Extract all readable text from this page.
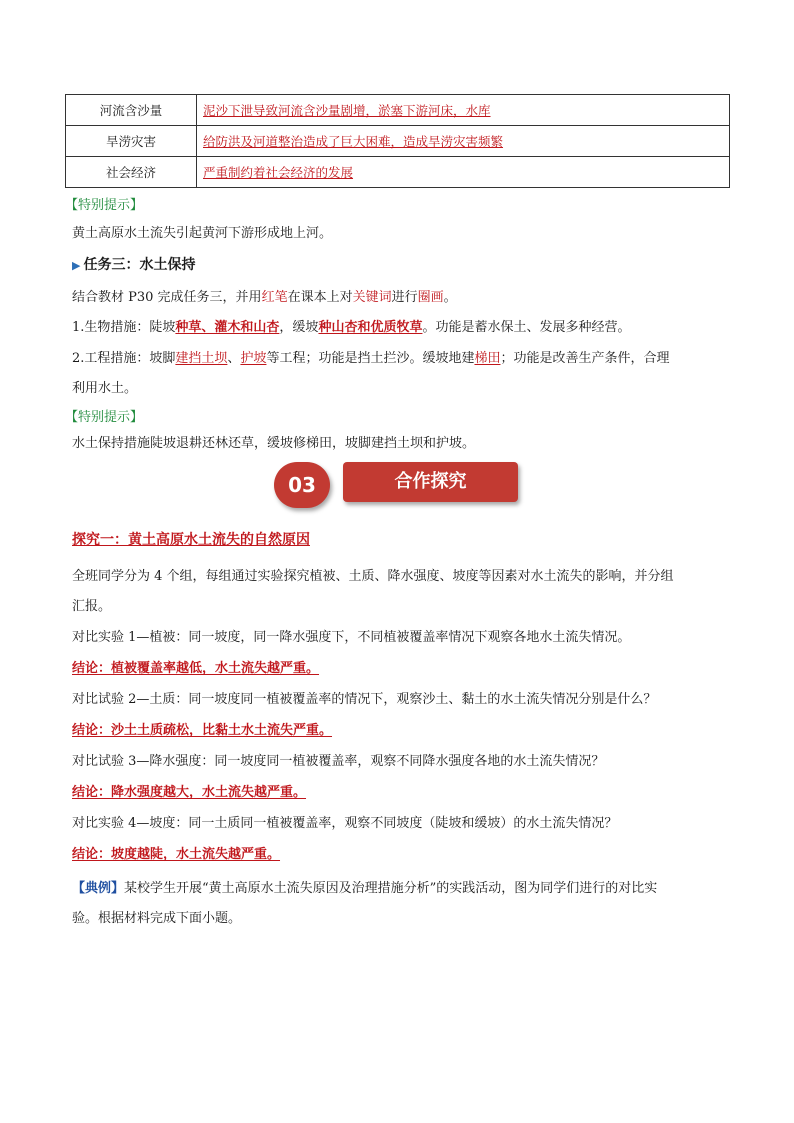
河流含沙量	泥沙下泄导致河流含沙量剧增，淤塞下游河床，水库
旱涝灾害	给防洪及河道整治造成了巨大困难，造成旱涝灾害频繁
社会经济	严重制约着社会经济的发展
【特别提示】
黄土高原水土流失引起黄河下游形成地上河。
▶ 任务三：水土保持
结合教材 P30 完成任务三，并用红笔在课本上对关键词进行圈画。
1.生物措施：陡坡种草、灌木和山杏，缓坡种山杏和优质牧草。功能是蓄水保土、发展多种经营。
2.工程措施：坡脚建挡土坝、护坡等工程；功能是挡土拦沙。缓坡地建梯田；功能是改善生产条件，合理
利用水土。
【特别提示】
水土保持措施陡坡退耕还林还草，缓坡修梯田，坡脚建挡土坝和护坡。
03	合作探究
探究一：黄土高原水土流失的自然原因
全班同学分为 4 个组，每组通过实验探究植被、土质、降水强度、坡度等因素对水土流失的影响，并分组
汇报。
对比实验 1—植被：同一坡度，同一降水强度下，不同植被覆盖率情况下观察各地水土流失情况。
结论：植被覆盖率越低，水土流失越严重。
对比试验 2—土质：同一坡度同一植被覆盖率的情况下，观察沙土、黏土的水土流失情况分别是什么？
结论：沙土土质疏松，比黏土水土流失严重。
对比试验 3—降水强度：同一坡度同一植被覆盖率，观察不同降水强度各地的水土流失情况？
结论：降水强度越大，水土流失越严重。
对比实验 4—坡度：同一土质同一植被覆盖率，观察不同坡度（陡坡和缓坡）的水土流失情况？
结论：坡度越陡，水土流失越严重。
【典例】某校学生开展“黄土高原水土流失原因及治理措施分析”的实践活动，图为同学们进行的对比实
验。根据材料完成下面小题。
